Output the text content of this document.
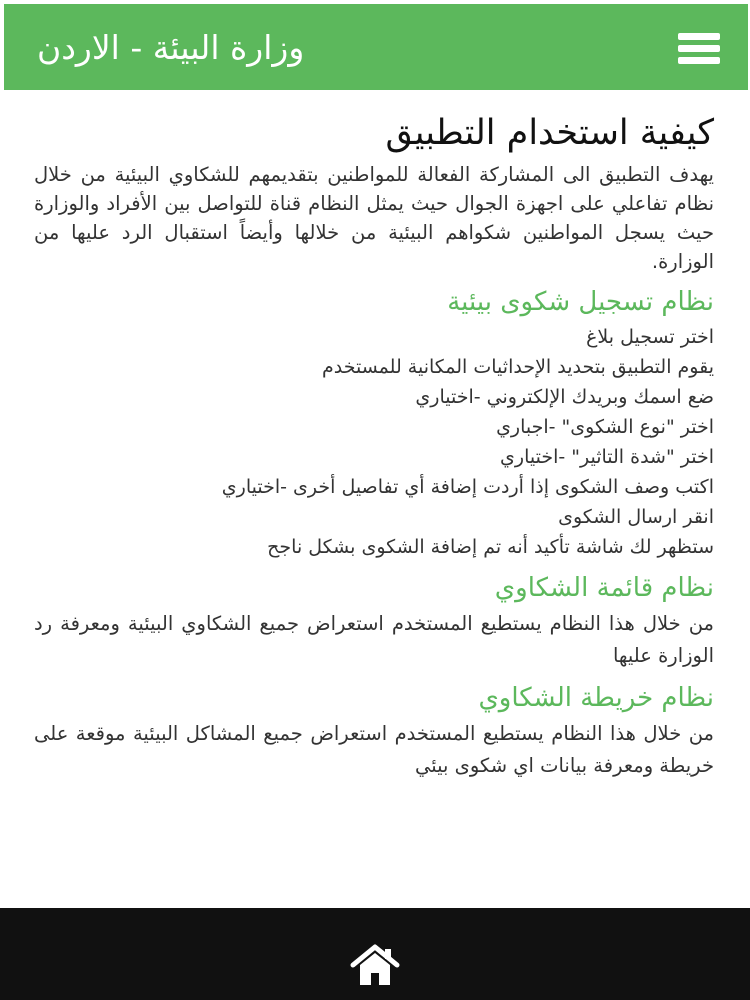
وزارة البيئة - الاردن
كيفية استخدام التطبيق

يهدف التطبيق الى المشاركة الفعالة للمواطنين بتقديمهم للشكاوي البيئية من خلال نظام تفاعلي على اجهزة الجوال حيث يمثل النظام قناة للتواصل بين الأفراد والوزارة حيث يسجل المواطنين شكواهم البيئية من خلالها وأيضاً استقبال الرد عليها من الوزارة.

نظام تسجيل شكوى بيئية
اختر تسجيل بلاغ
يقوم التطبيق بتحديد الإحداثيات المكانية للمستخدم
ضع اسمك وبريدك الإلكتروني -اختياري
اختر "نوع الشكوى" -اجباري
اختر "شدة التاثير" -اختياري
اكتب وصف الشكوى إذا أردت إضافة أي تفاصيل أخرى -اختياري
انقر ارسال الشكوى
ستظهر لك شاشة تأكيد أنه تم إضافة الشكوى بشكل ناجح
نظام قائمة الشكاوي

من خلال هذا النظام يستطيع المستخدم استعراض جميع الشكاوي البيئية ومعرفة رد الوزارة عليها

نظام خريطة الشكاوي

من خلال هذا النظام يستطيع المستخدم استعراض جميع المشاكل البيئية موقعة على خريطة ومعرفة بيانات اي شكوى بيئي
